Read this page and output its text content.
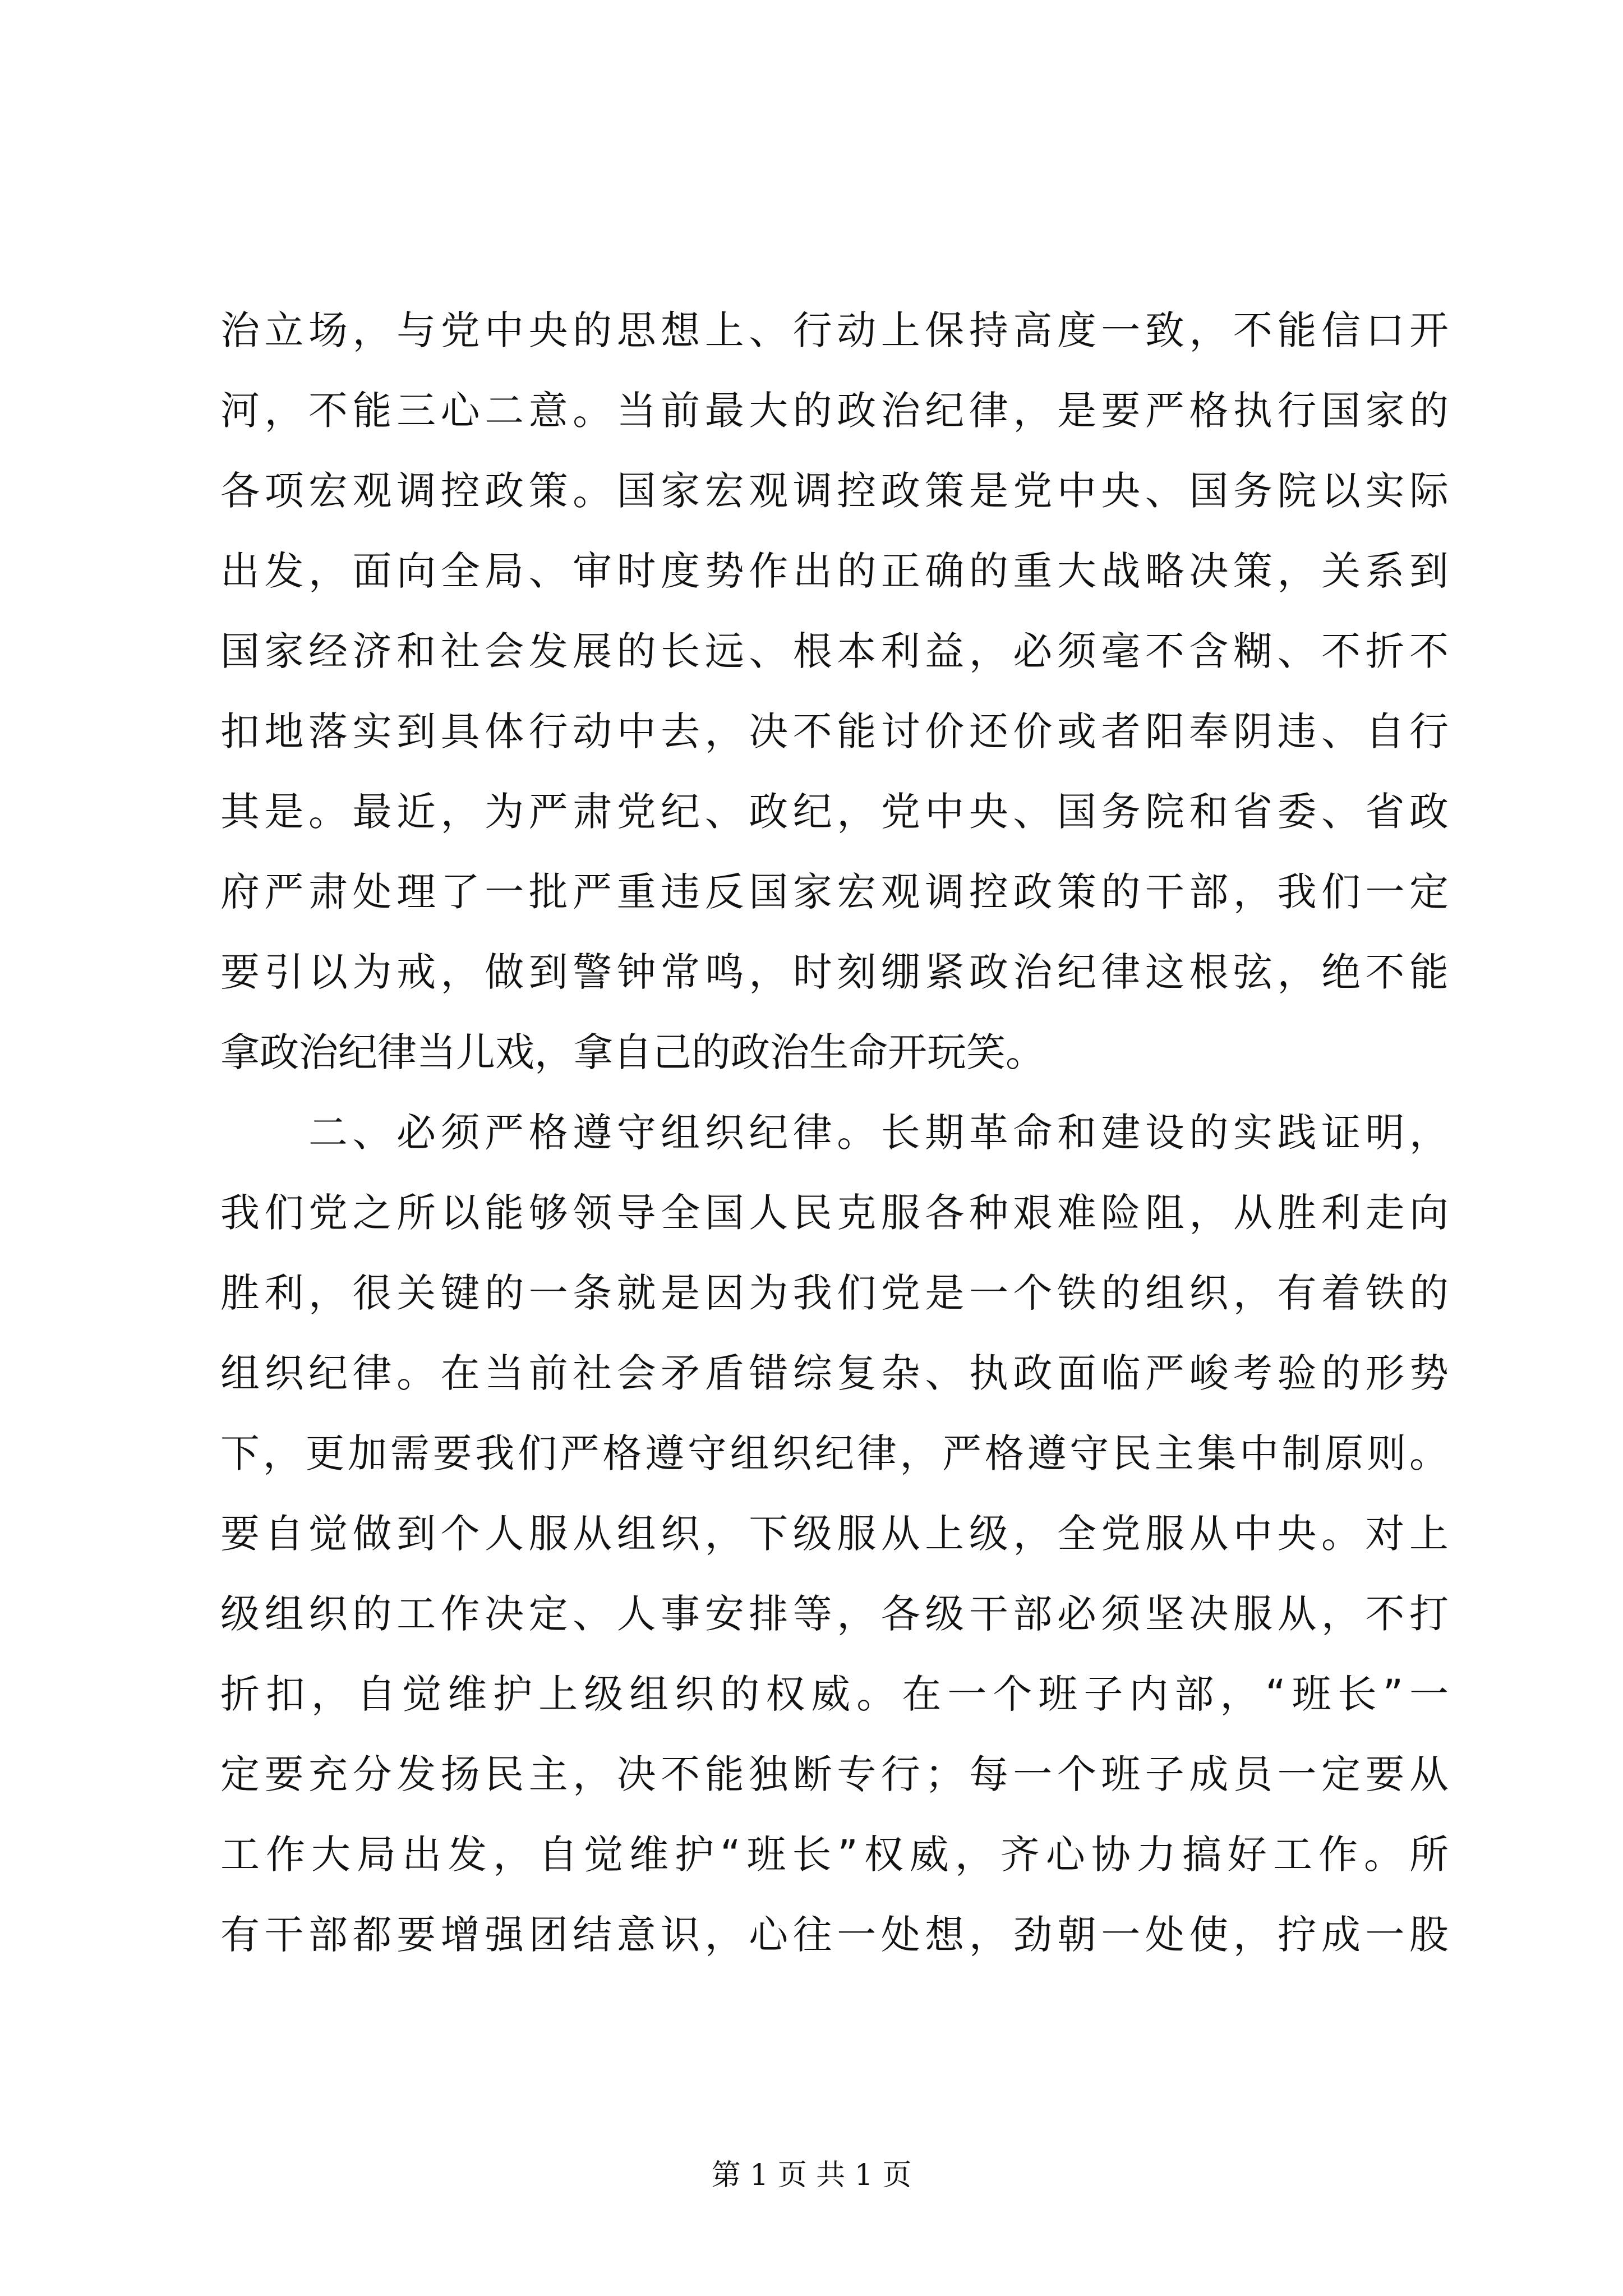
治立场，与党中央的思想上、行动上保持高度一致，不能信口开
河，不能三心二意。当前最大的政治纪律，是要严格执行国家的
各项宏观调控政策。国家宏观调控政策是党中央、国务院以实际
出发，面向全局、审时度势作出的正确的重大战略决策，关系到
国家经济和社会发展的长远、根本利益，必须毫不含糊、不折不
扣地落实到具体行动中去，决不能讨价还价或者阳奉阴违、自行
其是。最近，为严肃党纪、政纪，党中央、国务院和省委、省政
府严肃处理了一批严重违反国家宏观调控政策的干部，我们一定
要引以为戒，做到警钟常鸣，时刻绷紧政治纪律这根弦，绝不能
拿政治纪律当儿戏，拿自己的政治生命开玩笑。
　　二、必须严格遵守组织纪律。长期革命和建设的实践证明，
我们党之所以能够领导全国人民克服各种艰难险阻，从胜利走向
胜利，很关键的一条就是因为我们党是一个铁的组织，有着铁的
组织纪律。在当前社会矛盾错综复杂、执政面临严峻考验的形势
下，更加需要我们严格遵守组织纪律，严格遵守民主集中制原则。
要自觉做到个人服从组织，下级服从上级，全党服从中央。对上
级组织的工作决定、人事安排等，各级干部必须坚决服从，不打
折扣，自觉维护上级组织的权威。在一个班子内部，“班长”一
定要充分发扬民主，决不能独断专行；每一个班子成员一定要从
工作大局出发，自觉维护“班长”权威，齐心协力搞好工作。所
有干部都要增强团结意识，心往一处想，劲朝一处使，拧成一股
第 1 页 共 1 页
